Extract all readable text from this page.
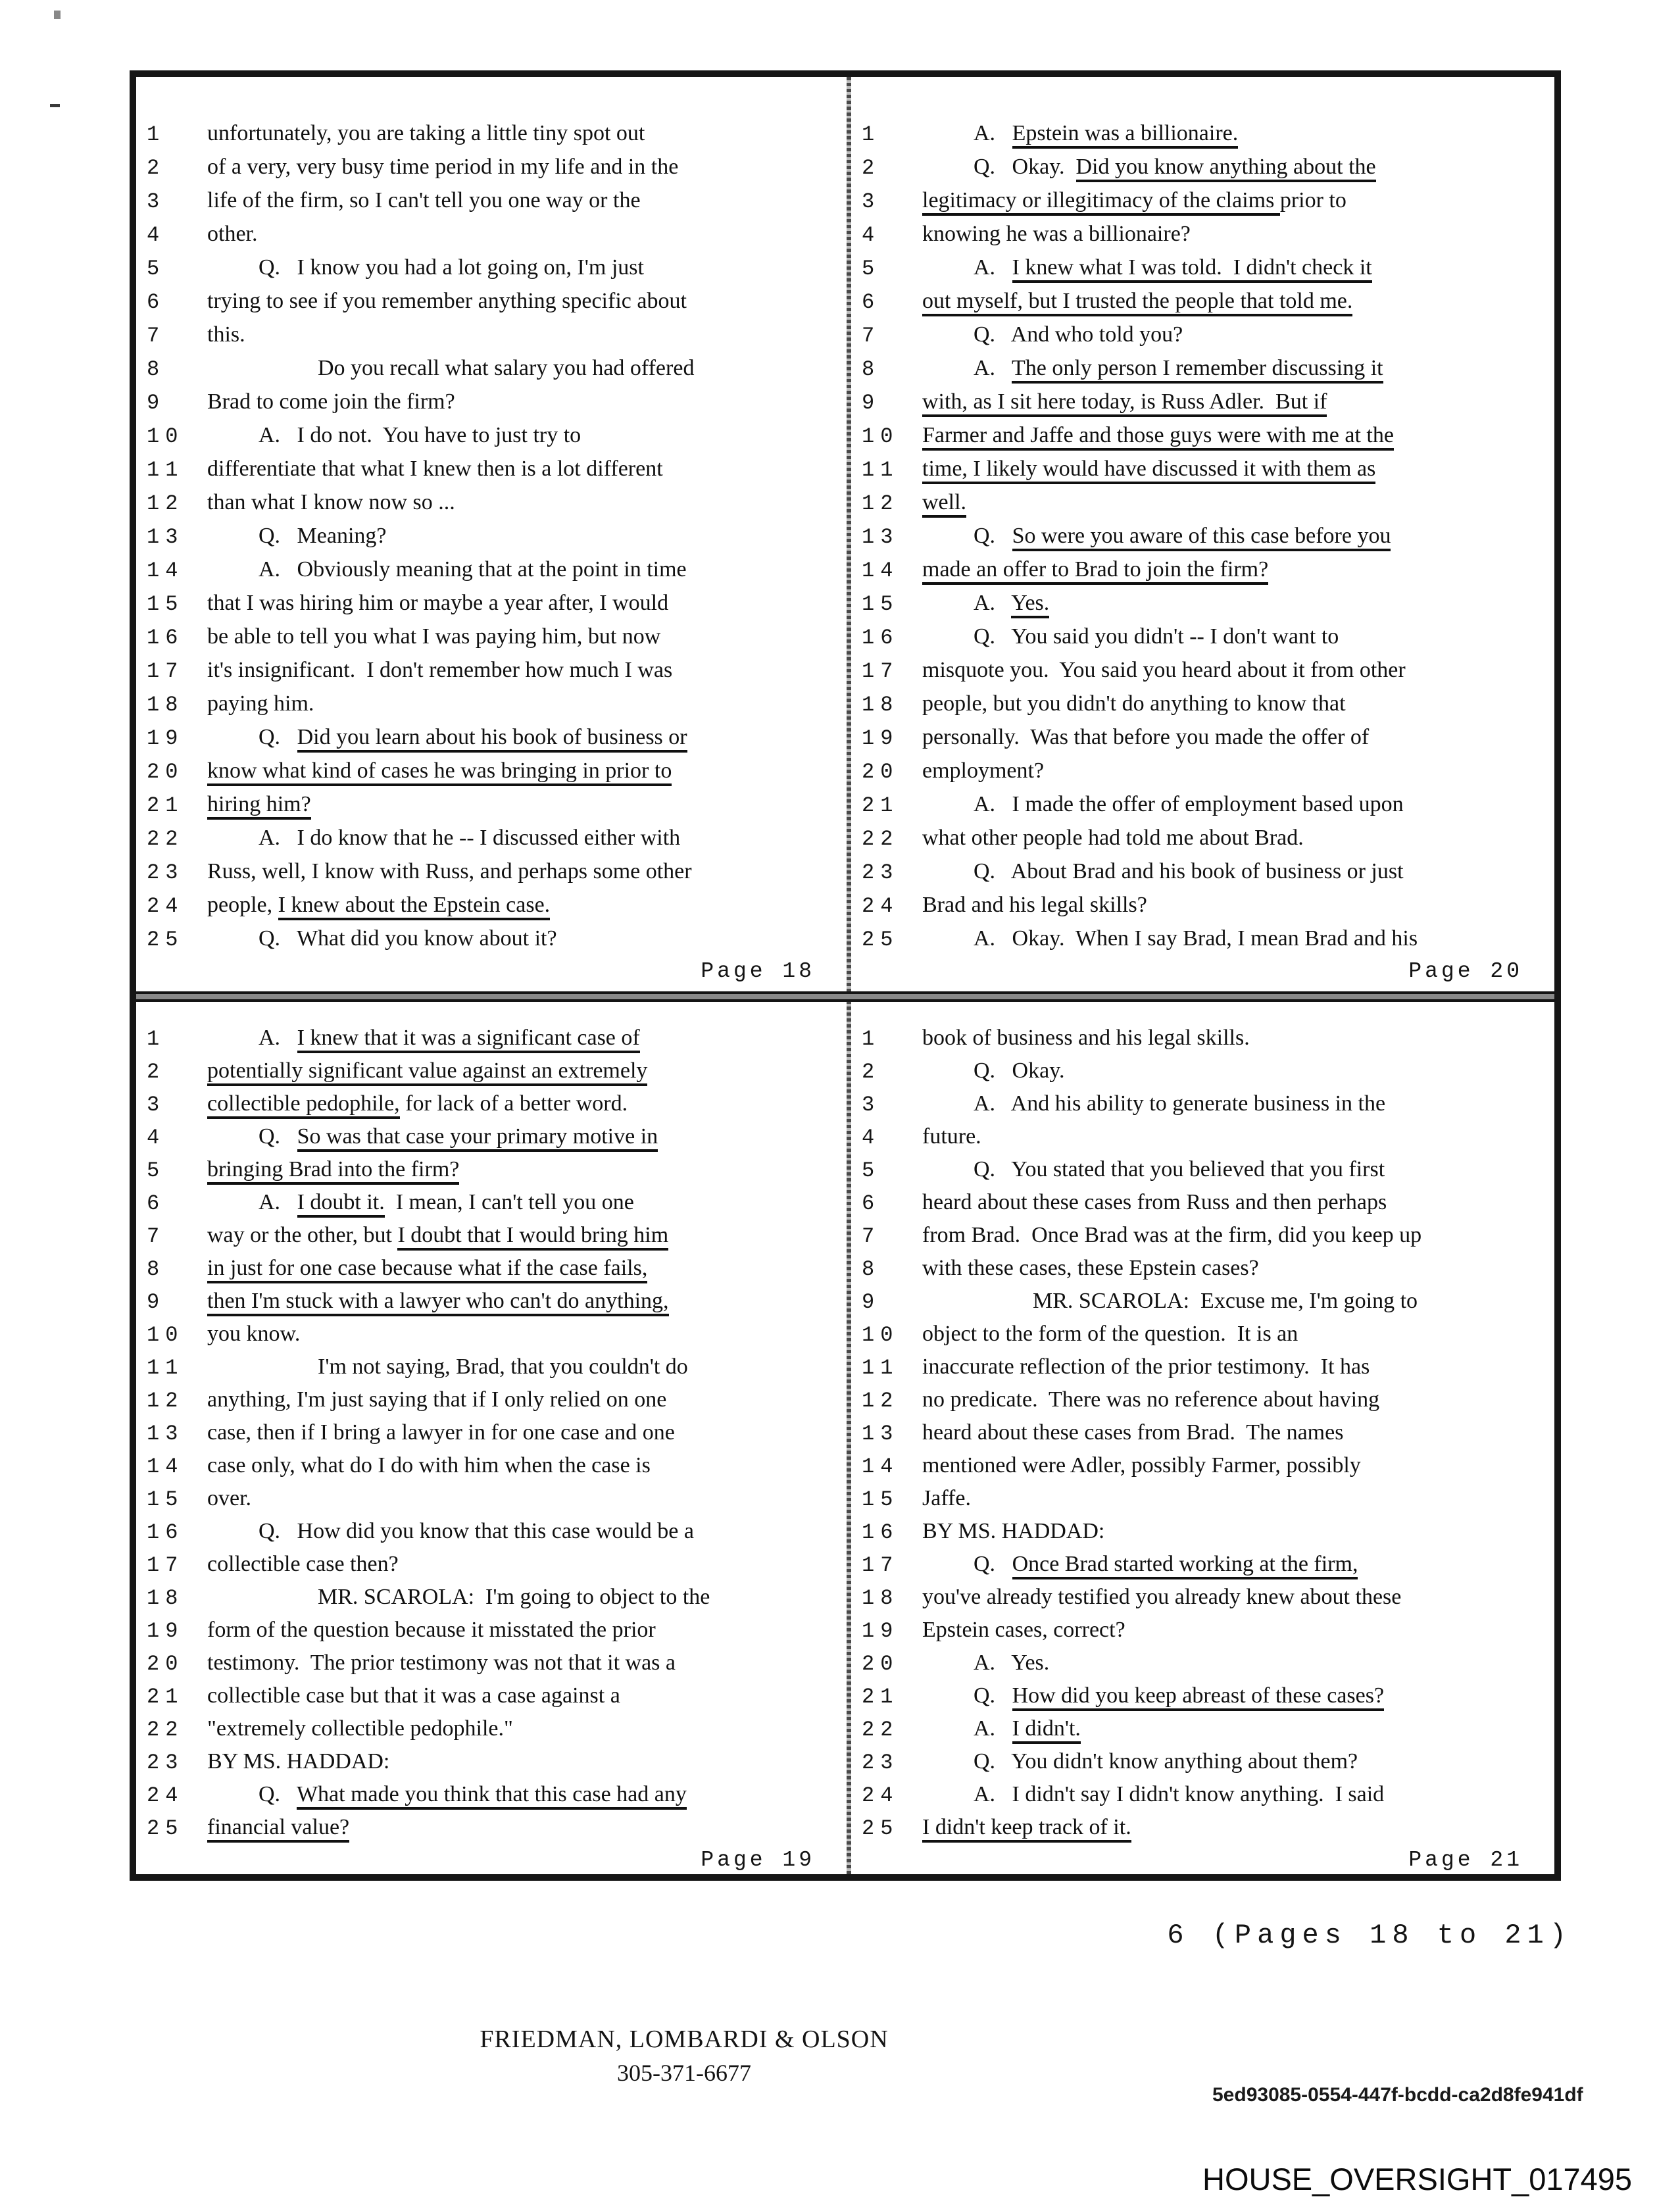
1	unfortunately, you are taking a little tiny spot out
2	of a very, very busy time period in my life and in the
3	life of the firm, so I can't tell you one way or the
4	other.
5	Q.   I know you had a lot going on, I'm just
6	trying to see if you remember anything specific about
7	this.
8	Do you recall what salary you had offered
9	Brad to come join the firm?
10	A.   I do not.  You have to just try to
11	differentiate that what I knew then is a lot different
12	than what I know now so ...
13	Q.   Meaning?
14	A.   Obviously meaning that at the point in time
15	that I was hiring him or maybe a year after, I would
16	be able to tell you what I was paying him, but now
17	it's insignificant.  I don't remember how much I was
18	paying him.
19	Q.   Did you learn about his book of business or
20	know what kind of cases he was bringing in prior to
21	hiring him?
22	A.   I do know that he -- I discussed either with
23	Russ, well, I know with Russ, and perhaps some other
24	people, I knew about the Epstein case.
25	Q.   What did you know about it?
Page 18
1	A.   Epstein was a billionaire.
2	Q.   Okay.  Did you know anything about the
3	legitimacy or illegitimacy of the claims prior to
4	knowing he was a billionaire?
5	A.   I knew what I was told.  I didn't check it
6	out myself, but I trusted the people that told me.
7	Q.   And who told you?
8	A.   The only person I remember discussing it
9	with, as I sit here today, is Russ Adler.  But if
10	Farmer and Jaffe and those guys were with me at the
11	time, I likely would have discussed it with them as
12	well.
13	Q.   So were you aware of this case before you
14	made an offer to Brad to join the firm?
15	A.   Yes.
16	Q.   You said you didn't -- I don't want to
17	misquote you.  You said you heard about it from other
18	people, but you didn't do anything to know that
19	personally.  Was that before you made the offer of
20	employment?
21	A.   I made the offer of employment based upon
22	what other people had told me about Brad.
23	Q.   About Brad and his book of business or just
24	Brad and his legal skills?
25	A.   Okay.  When I say Brad, I mean Brad and his
Page 20
1	A.   I knew that it was a significant case of
2	potentially significant value against an extremely
3	collectible pedophile, for lack of a better word.
4	Q.   So was that case your primary motive in
5	bringing Brad into the firm?
6	A.   I doubt it.  I mean, I can't tell you one
7	way or the other, but I doubt that I would bring him
8	in just for one case because what if the case fails,
9	then I'm stuck with a lawyer who can't do anything,
10	you know.
11	I'm not saying, Brad, that you couldn't do
12	anything, I'm just saying that if I only relied on one
13	case, then if I bring a lawyer in for one case and one
14	case only, what do I do with him when the case is
15	over.
16	Q.   How did you know that this case would be a
17	collectible case then?
18	MR. SCAROLA:  I'm going to object to the
19	form of the question because it misstated the prior
20	testimony.  The prior testimony was not that it was a
21	collectible case but that it was a case against a
22	"extremely collectible pedophile."
23	BY MS. HADDAD:
24	Q.   What made you think that this case had any
25	financial value?
Page 19
1	book of business and his legal skills.
2	Q.   Okay.
3	A.   And his ability to generate business in the
4	future.
5	Q.   You stated that you believed that you first
6	heard about these cases from Russ and then perhaps
7	from Brad.  Once Brad was at the firm, did you keep up
8	with these cases, these Epstein cases?
9	MR. SCAROLA:  Excuse me, I'm going to
10	object to the form of the question.  It is an
11	inaccurate reflection of the prior testimony.  It has
12	no predicate.  There was no reference about having
13	heard about these cases from Brad.  The names
14	mentioned were Adler, possibly Farmer, possibly
15	Jaffe.
16	BY MS. HADDAD:
17	Q.   Once Brad started working at the firm,
18	you've already testified you already knew about these
19	Epstein cases, correct?
20	A.   Yes.
21	Q.   How did you keep abreast of these cases?
22	A.   I didn't.
23	Q.   You didn't know anything about them?
24	A.   I didn't say I didn't know anything.  I said
25	I didn't keep track of it.
Page 21
6 (Pages 18 to 21)
FRIEDMAN, LOMBARDI & OLSON
305-371-6677
5ed93085-0554-447f-bcdd-ca2d8fe941df
HOUSE_OVERSIGHT_017495
